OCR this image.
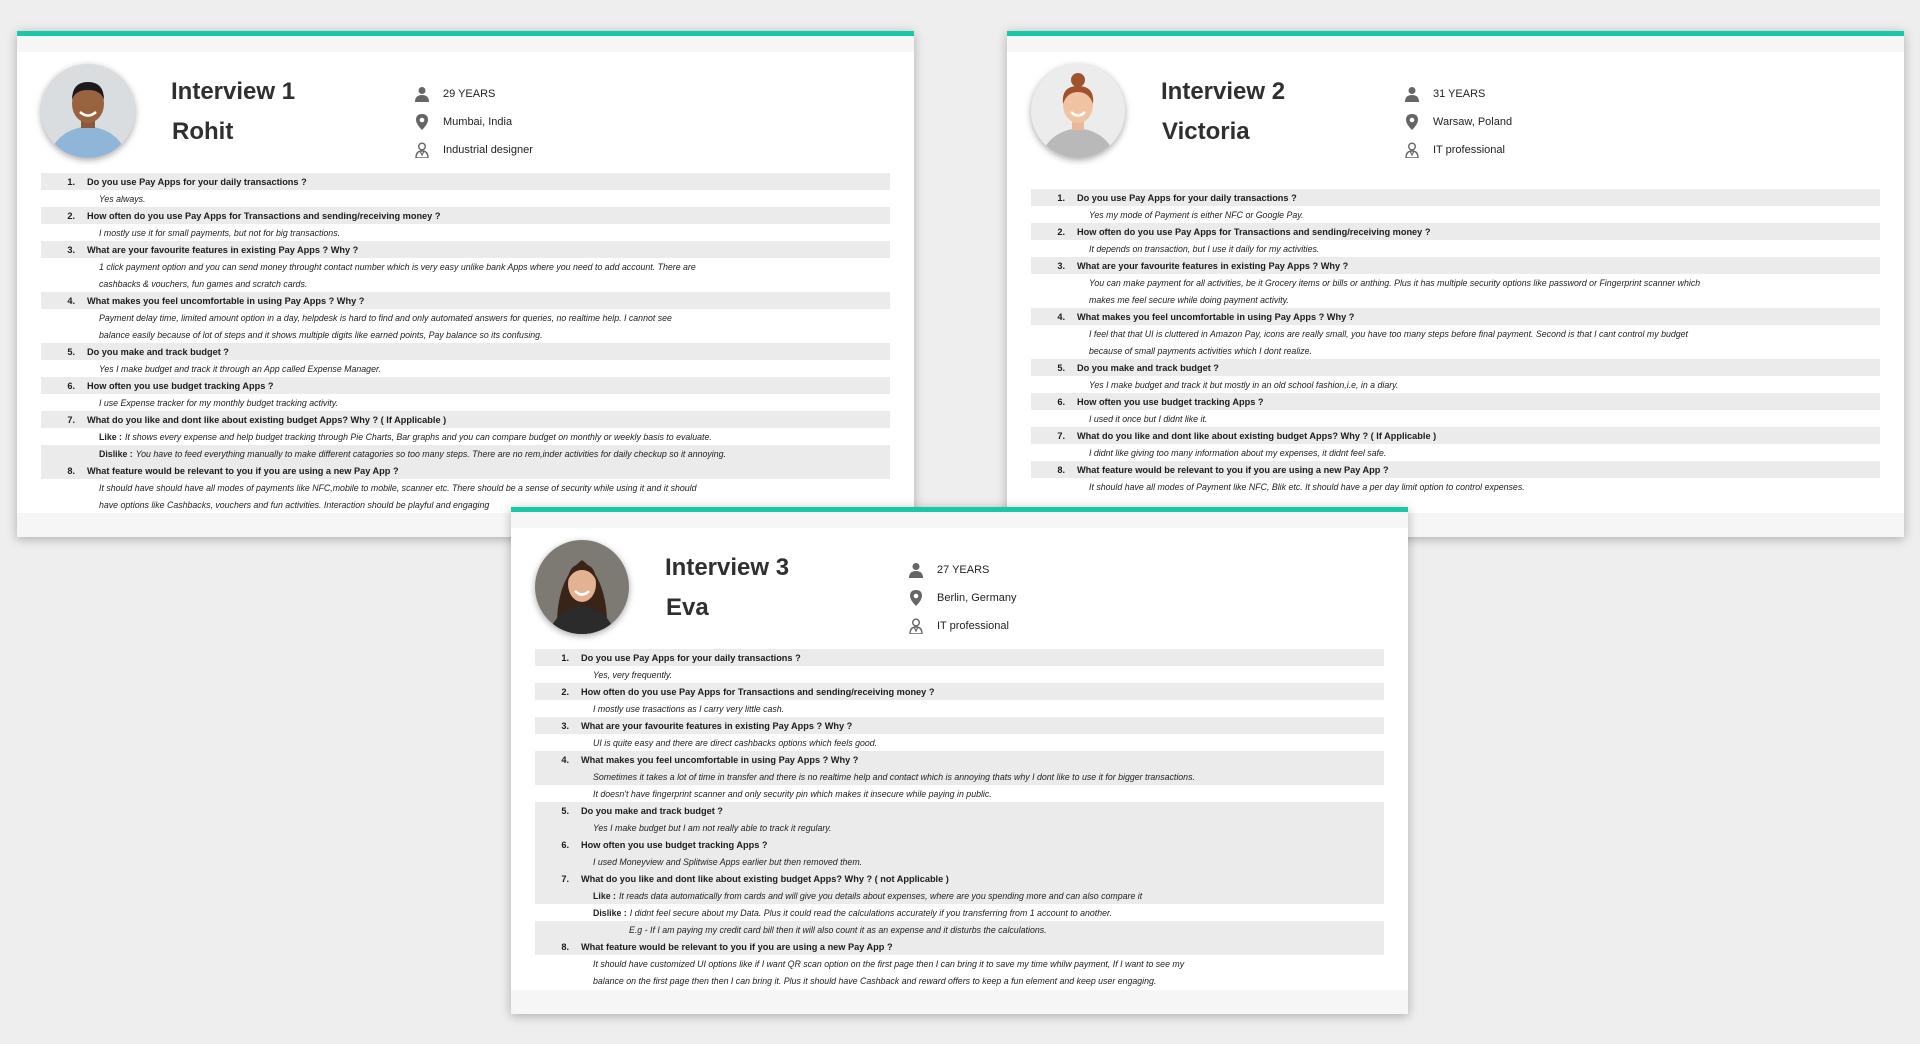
Interview 1
Rohit
29 YEARS
Mumbai, India
Industrial designer
1.	Do you use Pay Apps for your daily transactions ?
Yes always.
2.	How often do you use Pay Apps for Transactions and sending/receiving money ?
I mostly use it for small payments, but not for big transactions.
3.	What are your favourite features in existing Pay Apps ? Why ?
1 click payment option and you can send money throught contact number which is very easy unlike bank Apps where you need to add account. There are
cashbacks & vouchers, fun games and scratch cards.
4.	What makes you feel uncomfortable in using Pay Apps ? Why ?
Payment delay time, limited amount option in a day, helpdesk is hard to find and only automated answers for queries, no realtime help. I cannot see
balance easily because of lot of steps and it shows multiple digits like earned points, Pay balance so its confusing.
5.	Do you make and track budget ?
Yes I make budget and track it through an App called Expense Manager.
6.	How often you use budget tracking Apps ?
I use Expense tracker for my monthly budget tracking activity.
7.	What do you like and dont like about existing budget Apps? Why ? ( If Applicable )
Like : It shows every expense and help budget tracking through Pie Charts, Bar graphs and you can compare budget on monthly or weekly basis to evaluate.
Dislike : You have to feed everything manually to make different catagories so too many steps. There are no rem,inder activities for daily checkup so it annoying.
8.	What feature would be relevant to you if you are using a new Pay App ?
It should have should have all modes of payments like NFC,mobile to mobile, scanner etc. There should be a sense of security while using it and it should
have options like Cashbacks, vouchers and fun activities. Interaction should be playful and engaging
Interview 2
Victoria
31 YEARS
Warsaw, Poland
IT professional
1.	Do you use Pay Apps for your daily transactions ?
Yes my mode of Payment is either NFC or Google Pay.
2.	How often do you use Pay Apps for Transactions and sending/receiving money ?
It depends on transaction, but I use it daily for my activities.
3.	What are your favourite features in existing Pay Apps ? Why ?
You can make payment for all activities, be it Grocery items or bills or anthing. Plus it has multiple security options like password or Fingerprint scanner which
makes me feel secure while doing payment activity.
4.	What makes you feel uncomfortable in using Pay Apps ? Why ?
I feel that that UI is cluttered in Amazon Pay, icons are really small, you have too many steps before final payment. Second is that I cant control my budget
because of small payments activities which I dont realize.
5.	Do you make and track budget ?
Yes I make budget and track it but mostly in an old school fashion,i.e, in a diary.
6.	How often you use budget tracking Apps ?
I used it once but I didnt like it.
7.	What do you like and dont like about existing budget Apps? Why ? ( If Applicable )
I didnt like giving too many information about my expenses, it didnt feel safe.
8.	What feature would be relevant to you if you are using a new Pay App ?
It should have all modes of Payment like NFC, Blik etc. It should have a per day limit option to control expenses.
Interview 3
Eva
27 YEARS
Berlin, Germany
IT professional
1.	Do you use Pay Apps for your daily transactions ?
Yes, very frequently.
2.	How often do you use Pay Apps for Transactions and sending/receiving money ?
I mostly use trasactions as I carry very little cash.
3.	What are your favourite features in existing Pay Apps ? Why ?
UI is quite easy and there are direct cashbacks options which feels good.
4.	What makes you feel uncomfortable in using Pay Apps ? Why ?
Sometimes it takes a lot of time in transfer and there is no realtime help and contact which is annoying thats why I dont like to use it for bigger transactions.
It doesn't have fingerprint scanner and only security pin which makes it insecure while paying in public.
5.	Do you make and track budget ?
Yes I make budget but I am not really able to track it regulary.
6.	How often you use budget tracking Apps ?
I used Moneyview and Splitwise Apps earlier but then removed them.
7.	What do you like and dont like about existing budget Apps? Why ? ( not Applicable )
Like : It reads data automatically from cards and will give you details about expenses, where are you spending more and can also compare it
Dislike : I didnt feel secure about my Data. Plus it could read the calculations accurately if you transferring from 1 account to another.
E.g - If I am paying my credit card bill then it will also count it as an expense and it disturbs the calculations.
8.	What feature would be relevant to you if you are using a new Pay App ?
It should have customized UI options like if I want QR scan option on the first page then I can bring it to save my time whilw payment, If I want to see my
balance on the first page then then I can bring it. Plus it should have Cashback and reward offers to keep a fun element and keep user engaging.
